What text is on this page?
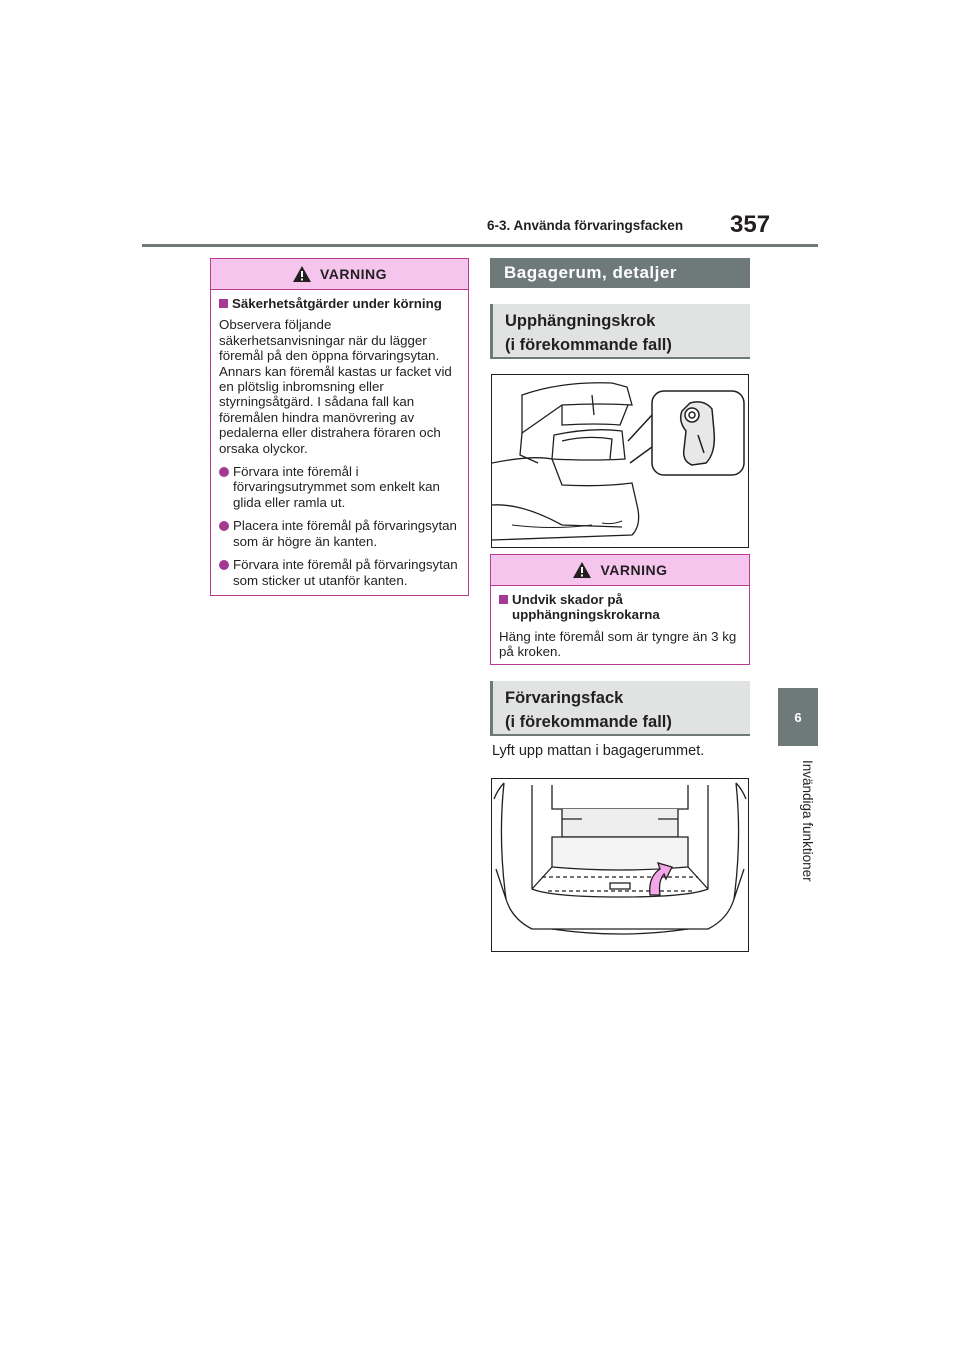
6-3. Använda förvaringsfacken	357
6
Invändiga funktioner
VARNING
Säkerhetsåtgärder under körning

Observera följande säkerhetsanvisningar när du lägger föremål på den öppna förvaringsytan. Annars kan föremål kastas ur facket vid en plötslig inbromsning eller styrningsåtgärd. I sådana fall kan föremålen hindra manövrering av pedalerna eller distrahera föraren och orsaka olyckor.

Förvara inte föremål i förvaringsutrymmet som enkelt kan glida eller ramla ut.
Placera inte föremål på förvaringsytan som är högre än kanten.
Förvara inte föremål på förvaringsytan som sticker ut utanför kanten.
Bagagerum, detaljer
Upphängningskrok
(i förekommande fall)
VARNING
Undvik skador på upphängningskrokarna

Häng inte föremål som är tyngre än 3 kg på kroken.

Förvaringsfack
(i förekommande fall)
Lyft upp mattan i bagagerummet.
